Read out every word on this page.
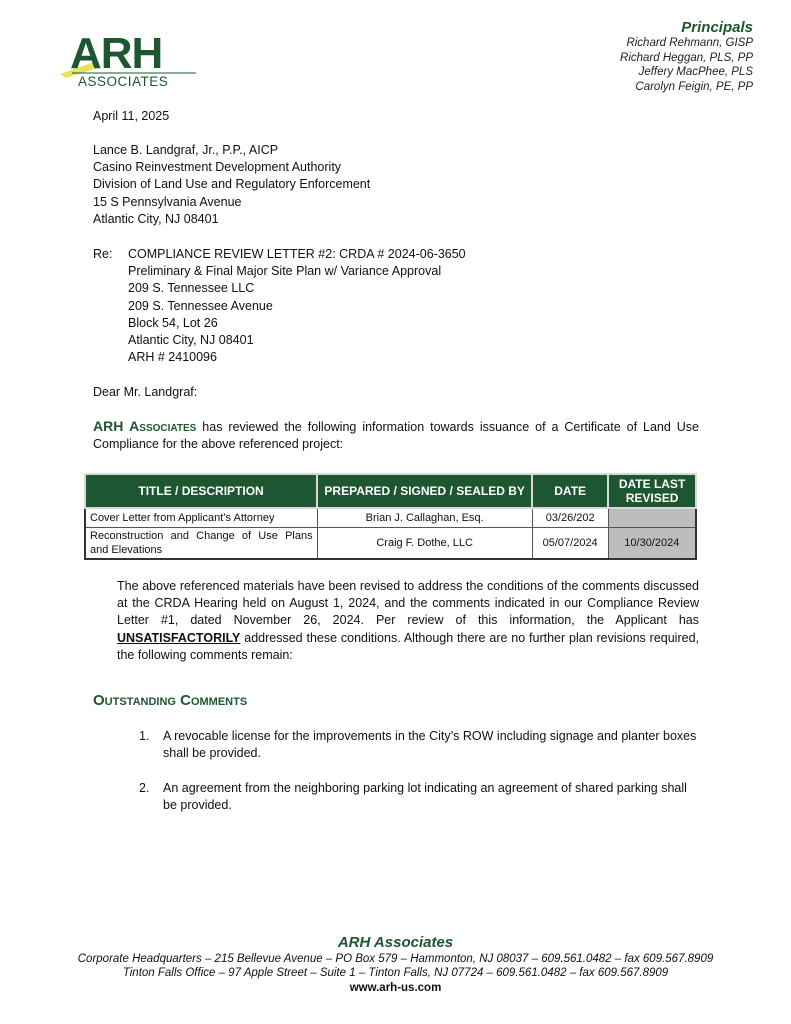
ARH
ASSOCIATES
Principals
Richard Rehmann, GISP
Richard Heggan, PLS, PP
Jeffery MacPhee, PLS
Carolyn Feigin, PE, PP
April 11, 2025
Lance B. Landgraf, Jr., P.P., AICP
Casino Reinvestment Development Authority
Division of Land Use and Regulatory Enforcement
15 S Pennsylvania Avenue
Atlantic City, NJ 08401
Re: COMPLIANCE REVIEW LETTER #2: CRDA # 2024-06-3650
Preliminary & Final Major Site Plan w/ Variance Approval
209 S. Tennessee LLC
209 S. Tennessee Avenue
Block 54, Lot 26
Atlantic City, NJ 08401
ARH # 2410096
Dear Mr. Landgraf:
ARH Associates has reviewed the following information towards issuance of a Certificate of Land Use Compliance for the above referenced project:
TITLE / DESCRIPTION	PREPARED / SIGNED / SEALED BY	DATE	DATE LAST REVISED
Cover Letter from Applicant’s Attorney	Brian J. Callaghan, Esq.	03/26/202	
Reconstruction and Change of Use Plans and Elevations	Craig F. Dothe, LLC	05/07/2024	10/30/2024
The above referenced materials have been revised to address the conditions of the comments discussed at the CRDA Hearing held on August 1, 2024, and the comments indicated in our Compliance Review Letter #1, dated November 26, 2024. Per review of this information, the Applicant has UNSATISFACTORILY addressed these conditions. Although there are no further plan revisions required, the following comments remain:
Outstanding Comments
1. A revocable license for the improvements in the City’s ROW including signage and planter boxes shall be provided.
2. An agreement from the neighboring parking lot indicating an agreement of shared parking shall be provided.
ARH Associates
Corporate Headquarters – 215 Bellevue Avenue – PO Box 579 – Hammonton, NJ 08037 – 609.561.0482 – fax 609.567.8909
Tinton Falls Office – 97 Apple Street – Suite 1 – Tinton Falls, NJ 07724 – 609.561.0482 – fax 609.567.8909
www.arh-us.com
